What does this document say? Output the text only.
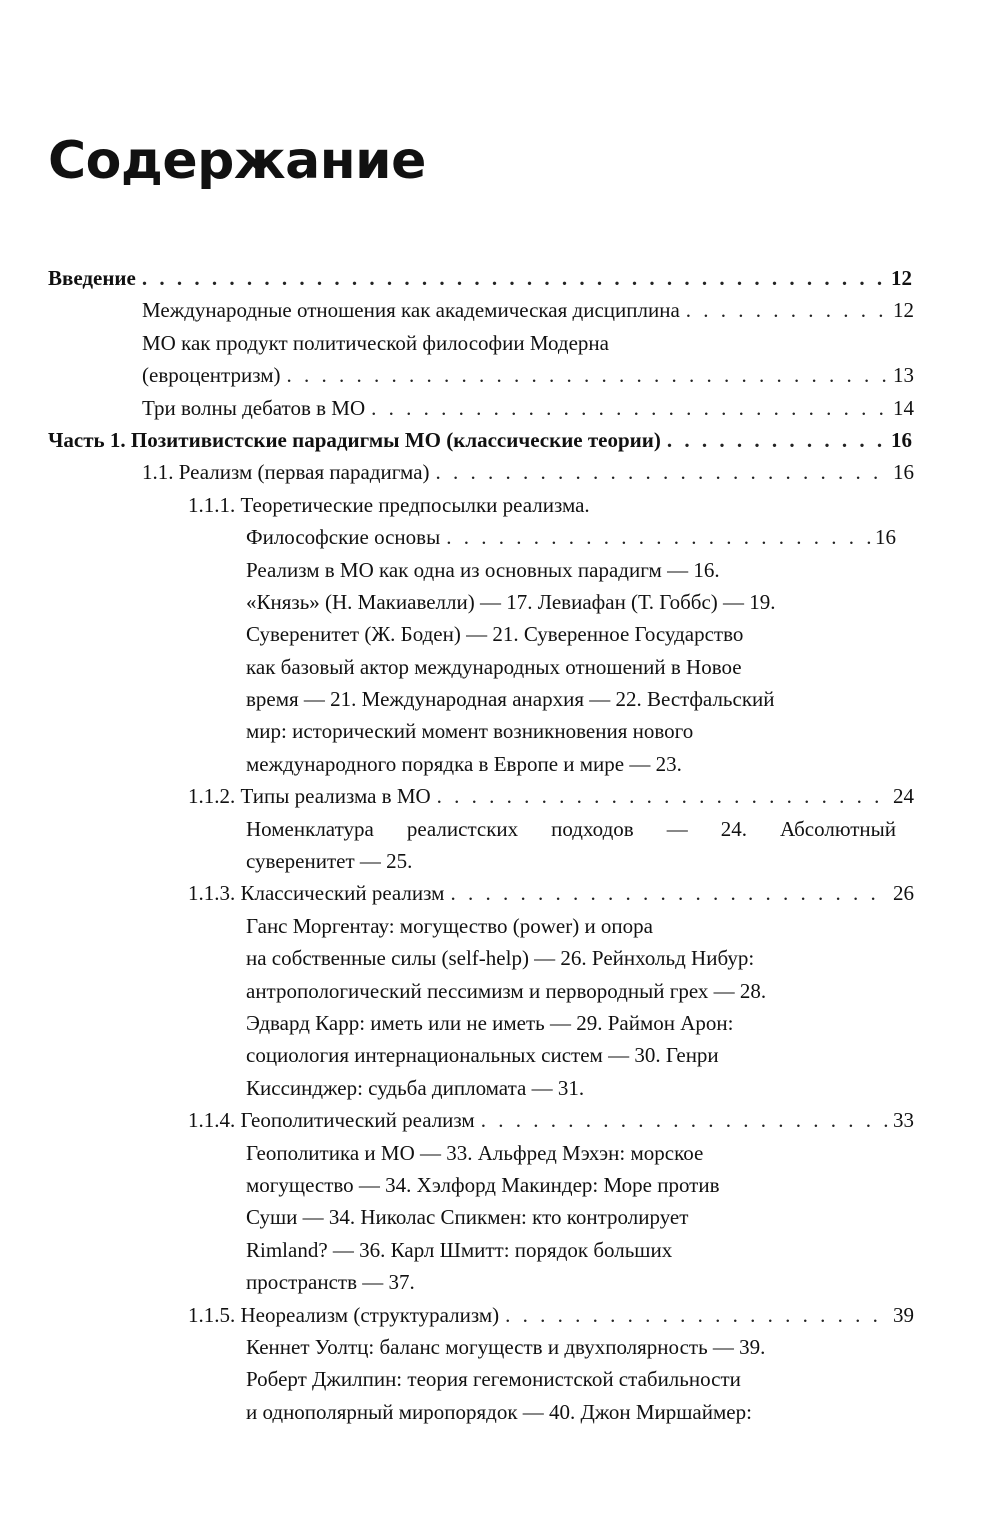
Содержание
Введение . . .	12
Международные отношения как академическая дисциплина . . .	12
МО как продукт политической философии Модерна
(евроцентризм) . . .	13
Три волны дебатов в МО . . .	14
Часть 1. Позитивистские парадигмы МО (классические теории) . . .	16
1.1. Реализм (первая парадигма) . . .	16
1.1.1. Теоретические предпосылки реализма.
Философские основы . . .	16
Реализм в МО как одна из основных парадигм — 16.
«Князь» (Н. Макиавелли) — 17. Левиафан (Т. Гоббс) — 19.
Суверенитет (Ж. Боден) — 21. Суверенное Государство
как базовый актор международных отношений в Новое
время — 21. Международная анархия — 22. Вестфальский
мир: исторический момент возникновения нового
международного порядка в Европе и мире — 23.
1.1.2. Типы реализма в МО . . .	24
Номенклатура реалистских подходов — 24. Абсолютный
суверенитет — 25.
1.1.3. Классический реализм . . .	26
Ганс Моргентау: могущество (power) и опора
на собственные силы (self-help) — 26. Рейнхольд Нибур:
антропологический пессимизм и первородный грех — 28.
Эдвард Карр: иметь или не иметь — 29. Раймон Арон:
социология интернациональных систем — 30. Генри
Киссинджер: судьба дипломата — 31.
1.1.4. Геополитический реализм . . .	33
Геополитика и МО — 33. Альфред Мэхэн: морское
могущество — 34. Хэлфорд Макиндер: Море против
Суши — 34. Николас Спикмен: кто контролирует
Rimland? — 36. Карл Шмитт: порядок больших
пространств — 37.
1.1.5. Неореализм (структурализм) . . .	39
Кеннет Уолтц: баланс могуществ и двухполярность — 39.
Роберт Джилпин: теория гегемонистской стабильности
и однополярный миропорядок — 40. Джон Миршаймер:
